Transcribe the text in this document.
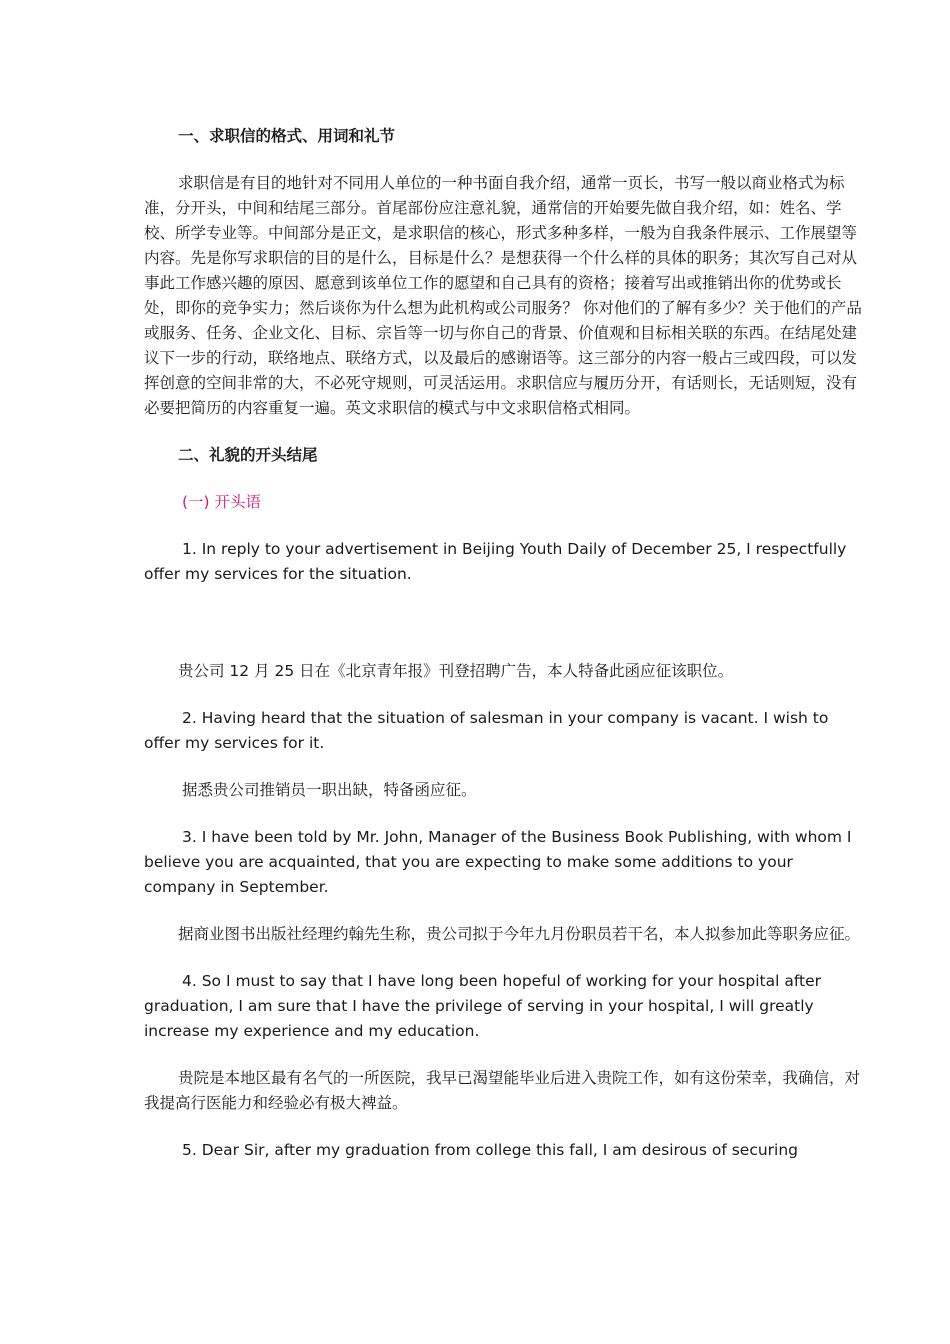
一、求职信的格式、用词和礼节

求职信是有目的地针对不同用人单位的一种书面自我介绍，通常一页长，书写一般以商业格式为标准，分开头，中间和结尾三部分。首尾部份应注意礼貌，通常信的开始要先做自我介绍，如：姓名、学校、所学专业等。中间部分是正文，是求职信的核心，形式多种多样，一般为自我条件展示、工作展望等内容。先是你写求职信的目的是什么，目标是什么？是想获得一个什么样的具体的职务；其次写自己对从事此工作感兴趣的原因、愿意到该单位工作的愿望和自己具有的资格；接着写出或推销出你的优势或长处，即你的竞争实力；然后谈你为什么想为此机构或公司服务？ 你对他们的了解有多少？关于他们的产品或服务、任务、企业文化、目标、宗旨等一切与你自己的背景、价值观和目标相关联的东西。在结尾处建议下一步的行动，联络地点、联络方式，以及最后的感谢语等。这三部分的内容一般占三或四段，可以发挥创意的空间非常的大，不必死守规则，可灵活运用。求职信应与履历分开，有话则长，无话则短，没有必要把简历的内容重复一遍。英文求职信的模式与中文求职信格式相同。

二、礼貌的开头结尾
(一) 开头语

1. In reply to your advertisement in Beijing Youth Daily of December 25, I respectfully offer my services for the situation.

贵公司 12 月 25 日在《北京青年报》刊登招聘广告，本人特备此函应征该职位。

2. Having heard that the situation of salesman in your company is vacant. I wish to offer my services for it.

据悉贵公司推销员一职出缺，特备函应征。

3. I have been told by Mr. John, Manager of the Business Book Publishing, with whom I believe you are acquainted, that you are expecting to make some additions to your company in September.

据商业图书出版社经理约翰先生称，贵公司拟于今年九月份职员若干名，本人拟参加此等职务应征。

4. So I must to say that I have long been hopeful of working for your hospital after graduation, I am sure that I have the privilege of serving in your hospital, I will greatly increase my experience and my education.

贵院是本地区最有名气的一所医院，我早已渴望能毕业后进入贵院工作，如有这份荣幸，我确信，对我提高行医能力和经验必有极大裨益。

5. Dear Sir, after my graduation from college this fall, I am desirous of securing
